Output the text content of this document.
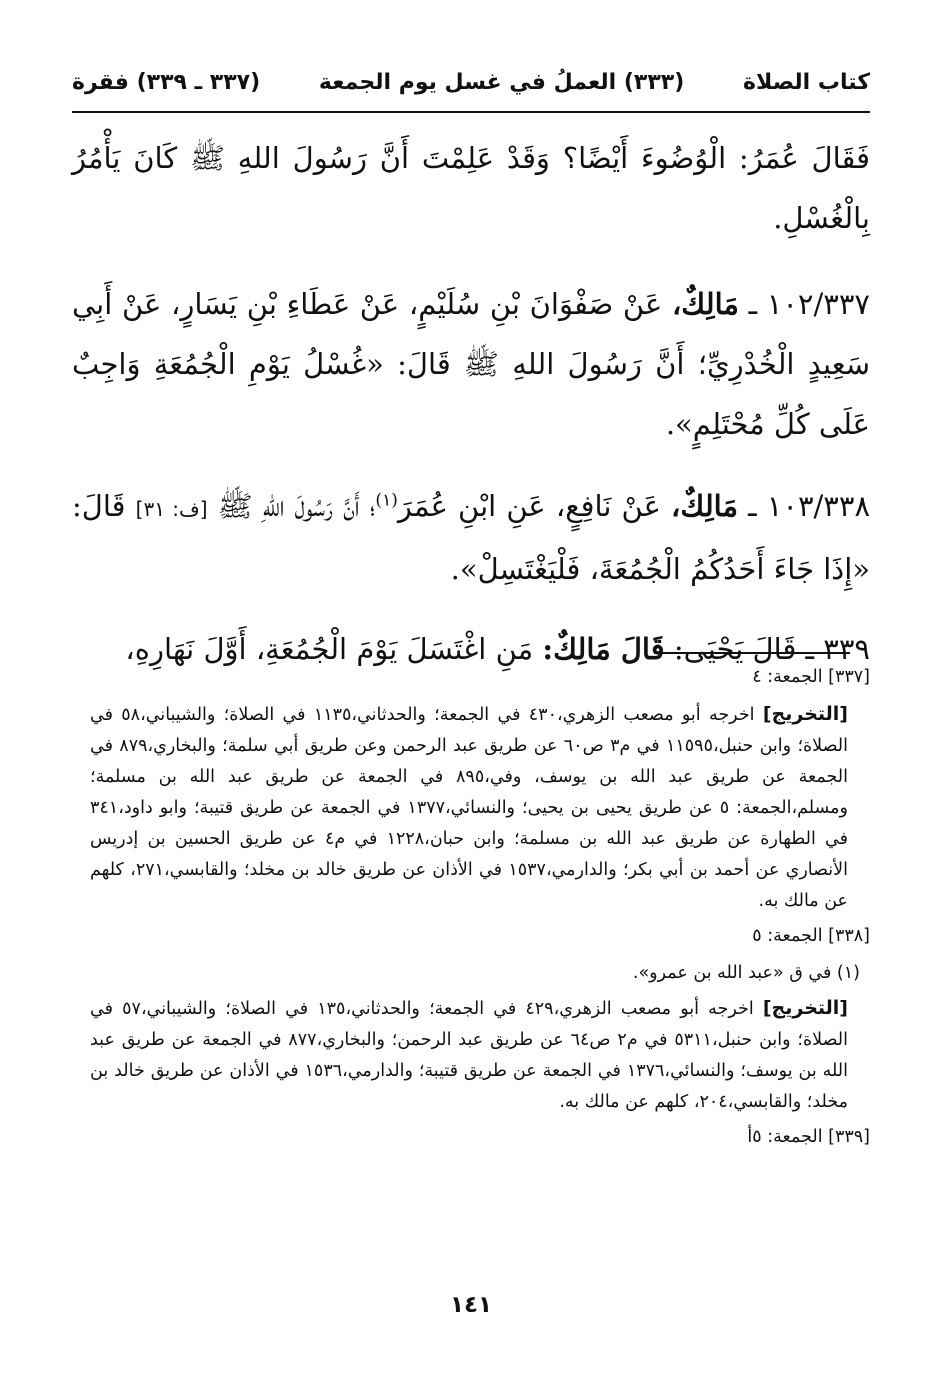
كتاب الصلاة
(٣٣٣) العملُ في غسل يوم الجمعة
(٣٣٧ ـ ٣٣٩) فقرة

فَقَالَ عُمَرُ: الْوُضُوءَ أَيْضًا؟ وَقَدْ عَلِمْتَ أَنَّ رَسُولَ اللهِ ﷺ كَانَ يَأْمُرُ بِالْغُسْلِ.

١٠٢/٣٣٧ ـ مَالِكٌ، عَنْ صَفْوَانَ بْنِ سُلَيْمٍ، عَنْ عَطَاءِ بْنِ يَسَارٍ، عَنْ أَبِي سَعِيدٍ الْخُدْرِيِّ؛ أَنَّ رَسُولَ اللهِ ﷺ قَالَ: «غُسْلُ يَوْمِ الْجُمُعَةِ وَاجِبٌ عَلَى كُلِّ مُحْتَلِمٍ».

١٠٣/٣٣٨ ـ مَالِكٌ، عَنْ نَافِعٍ، عَنِ ابْنِ عُمَرَ$^{(١)}$؛ أَنَّ رَسُولَ اللهِ ﷺ [ف: ٣١] قَالَ: «إِذَا جَاءَ أَحَدُكُمُ الْجُمُعَةَ، فَلْيَغْتَسِلْ».

٣٣٩ ـ قَالَ يَحْيَى: قَالَ مَالِكٌ: مَنِ اغْتَسَلَ يَوْمَ الْجُمُعَةِ، أَوَّلَ نَهَارِهِ،

[٣٣٧] الجمعة: ٤

[التخريج] اخرجه أبو مصعب الزهري،٤٣٠ في الجمعة؛ والحدثاني،١١٣٥ في الصلاة؛ والشيباني،٥٨ في الصلاة؛ وابن حنبل،١١٥٩٥ في م٣ ص٦٠ عن طريق عبد الرحمن وعن طريق أبي سلمة؛ والبخاري،٨٧٩ في الجمعة عن طريق عبد الله بن يوسف، وفي،٨٩٥ في الجمعة عن طريق عبد الله بن مسلمة؛ ومسلم،الجمعة: ٥ عن طريق يحيى بن يحيى؛ والنسائي،١٣٧٧ في الجمعة عن طريق قتيبة؛ وابو داود،٣٤١ في الطهارة عن طريق عبد الله بن مسلمة؛ وابن حبان،١٢٢٨ في م٤ عن طريق الحسين بن إدريس الأنصاري عن أحمد بن أبي بكر؛ والدارمي،١٥٣٧ في الأذان عن طريق خالد بن مخلد؛ والقابسي،٢٧١، كلهم عن مالك به.

[٣٣٨] الجمعة: ٥

(١) في ق «عبد الله بن عمرو».

[التخريج] اخرجه أبو مصعب الزهري،٤٢٩ في الجمعة؛ والحدثاني،١٣٥ في الصلاة؛ والشيباني،٥٧ في الصلاة؛ وابن حنبل،٥٣١١ في م٢ ص٦٤ عن طريق عبد الرحمن؛ والبخاري،٨٧٧ في الجمعة عن طريق عبد الله بن يوسف؛ والنسائي،١٣٧٦ في الجمعة عن طريق قتيبة؛ والدارمي،١٥٣٦ في الأذان عن طريق خالد بن مخلد؛ والقابسي،٢٠٤، كلهم عن مالك به.

[٣٣٩] الجمعة: ٥أ

١٤١
